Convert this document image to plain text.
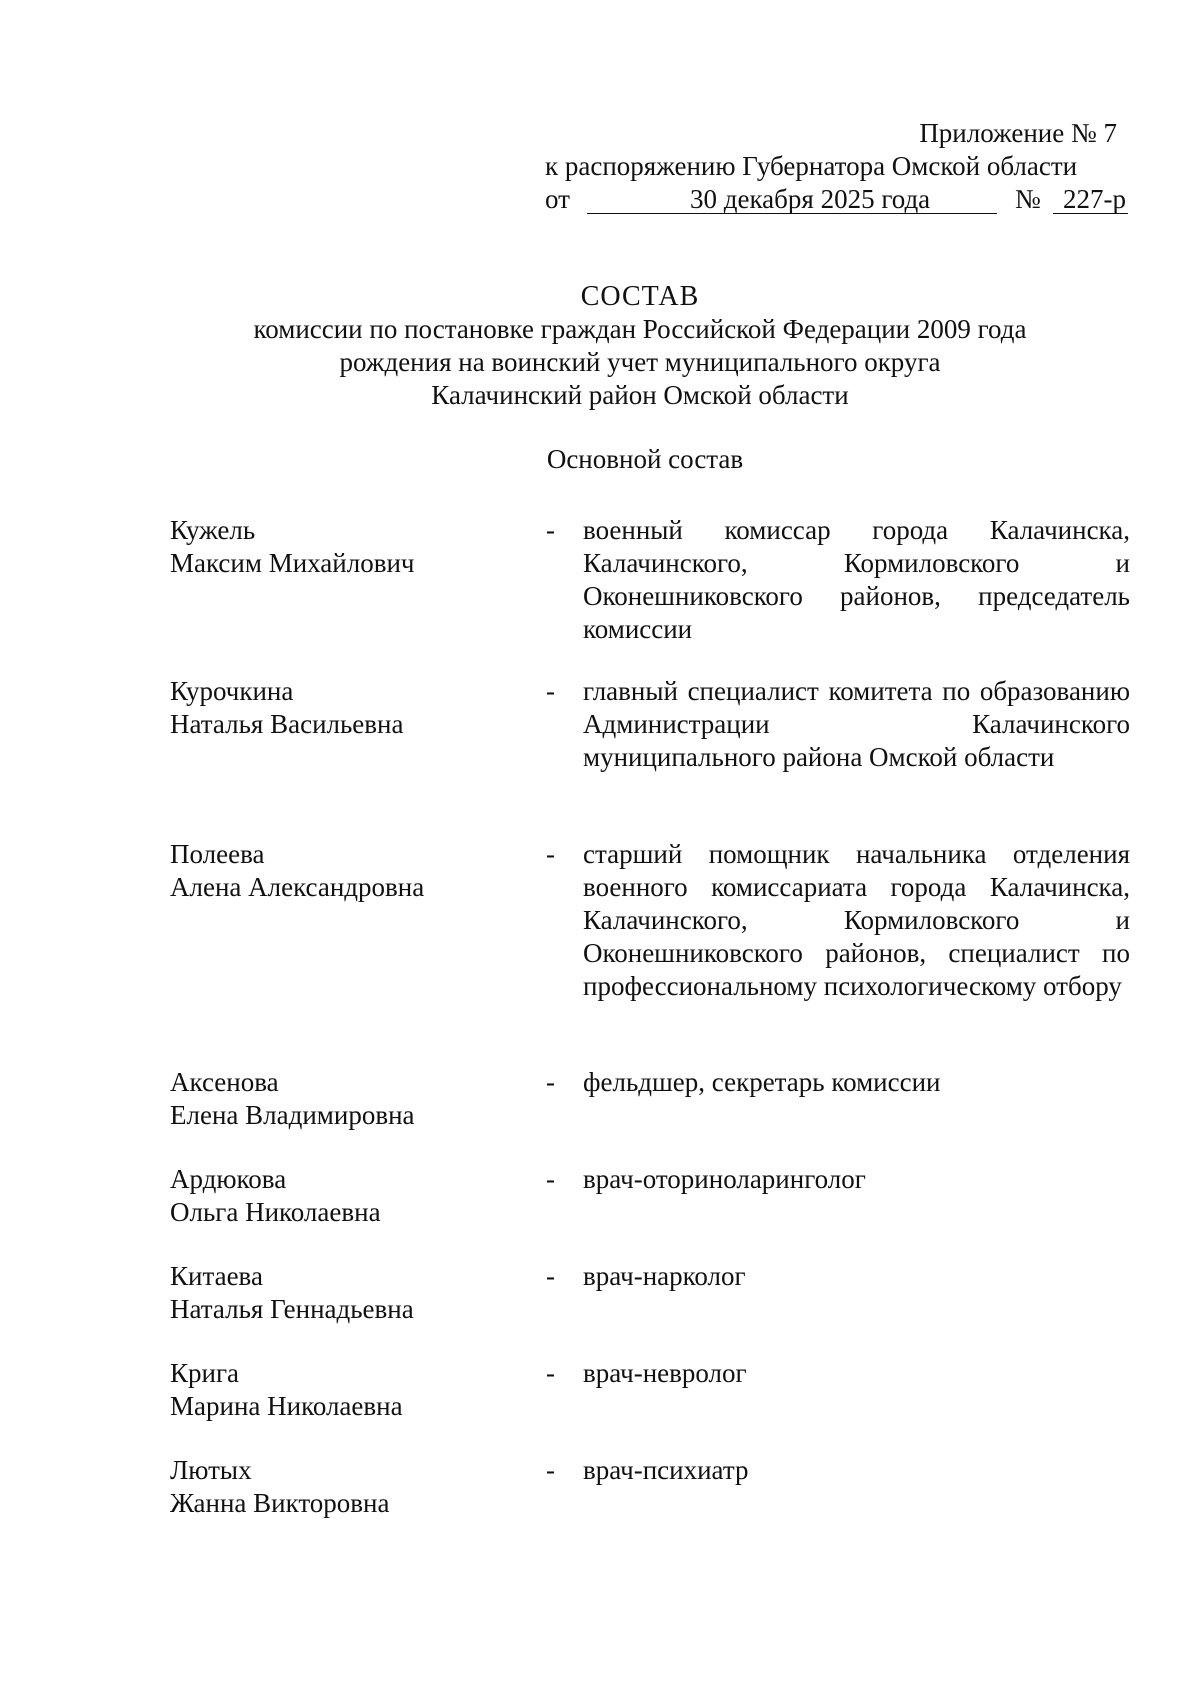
Приложение № 7
к распоряжению Губернатора Омской области
от	30 декабря 2025 года	№ 227-р
СОСТАВ
комиссии по постановке граждан Российской Федерации 2009 года
рождения на воинский учет муниципального округа
Калачинский район Омской области
Основной состав
Кужель
Максим Михайлович
- военный комиссар города Калачинска, Калачинского, Кормиловского и Оконешниковского районов, председатель комиссии
Курочкина
Наталья Васильевна
- главный специалист комитета по образованию Администрации Калачинского муниципального района Омской области
Полеева
Алена Александровна
- старший помощник начальника отделения военного комиссариата города Калачинска, Калачинского, Кормиловского и Оконешниковского районов, специалист по профессиональному психологическому отбору
Аксенова
Елена Владимировна
- фельдшер, секретарь комиссии
Ардюкова
Ольга Николаевна
- врач-оториноларинголог
Китаева
Наталья Геннадьевна
- врач-нарколог
Крига
Марина Николаевна
- врач-невролог
Лютых
Жанна Викторовна
- врач-психиатр
